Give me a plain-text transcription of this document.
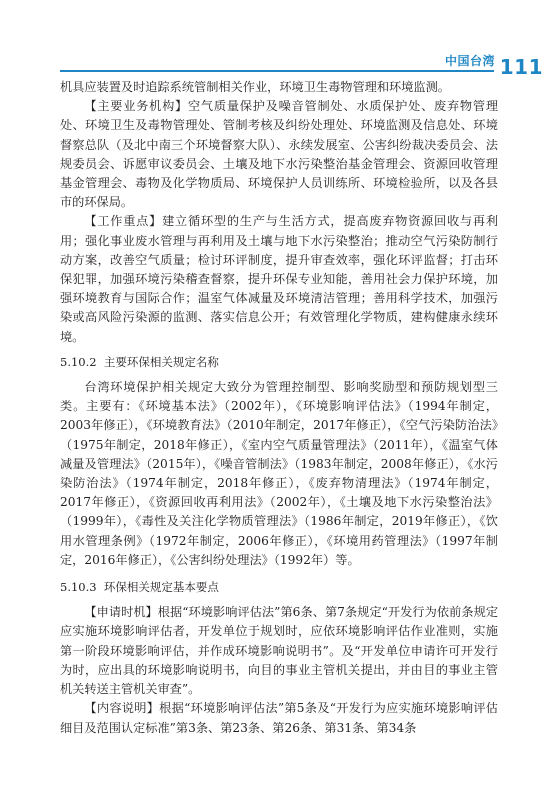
中国台湾 111

机具应装置及时追踪系统管制相关作业，环境卫生毒物管理和环境监测。

【主要业务机构】空气质量保护及噪音管制处、水质保护处、废弃物管理处、环境卫生及毒物管理处、管制考核及纠纷处理处、环境监测及信息处、环境督察总队（及北中南三个环境督察大队）、永续发展室、公害纠纷裁决委员会、法规委员会、诉愿审议委员会、土壤及地下水污染整治基金管理会、资源回收管理基金管理会、毒物及化学物质局、环境保护人员训练所、环境检验所，以及各县市的环保局。

【工作重点】建立循环型的生产与生活方式，提高废弃物资源回收与再利用；强化事业废水管理与再利用及土壤与地下水污染整治；推动空气污染防制行动方案，改善空气质量；检讨环评制度，提升审查效率，强化环评监督；打击环保犯罪，加强环境污染稽查督察，提升环保专业知能，善用社会力保护环境，加强环境教育与国际合作；温室气体减量及环境清洁管理；善用科学技术，加强污染或高风险污染源的监测、落实信息公开；有效管理化学物质，建构健康永续环境。

5.10.2 主要环保相关规定名称

台湾环境保护相关规定大致分为管理控制型、影响奖励型和预防规划型三类。主要有：《环境基本法》（2002年），《环境影响评估法》（1994年制定，2003年修正），《环境教育法》（2010年制定，2017年修正），《空气污染防治法》（1975年制定，2018年修正），《室内空气质量管理法》（2011年），《温室气体减量及管理法》（2015年），《噪音管制法》（1983年制定，2008年修正），《水污染防治法》（1974年制定，2018年修正），《废弃物清理法》（1974年制定，2017年修正），《资源回收再利用法》（2002年），《土壤及地下水污染整治法》（1999年），《毒性及关注化学物质管理法》（1986年制定，2019年修正），《饮用水管理条例》（1972年制定，2006年修正），《环境用药管理法》（1997年制定，2016年修正），《公害纠纷处理法》（1992年）等。

5.10.3 环保相关规定基本要点

【申请时机】根据“环境影响评估法”第6条、第7条规定“开发行为依前条规定应实施环境影响评估者，开发单位于规划时，应依环境影响评估作业准则，实施第一阶段环境影响评估，并作成环境影响说明书”。及“开发单位申请许可开发行为时，应出具的环境影响说明书，向目的事业主管机关提出，并由目的事业主管机关转送主管机关审查”。

【内容说明】根据“环境影响评估法”第5条及“开发行为应实施环境影响评估细目及范围认定标准”第3条、第23条、第26条、第31条、第34条
